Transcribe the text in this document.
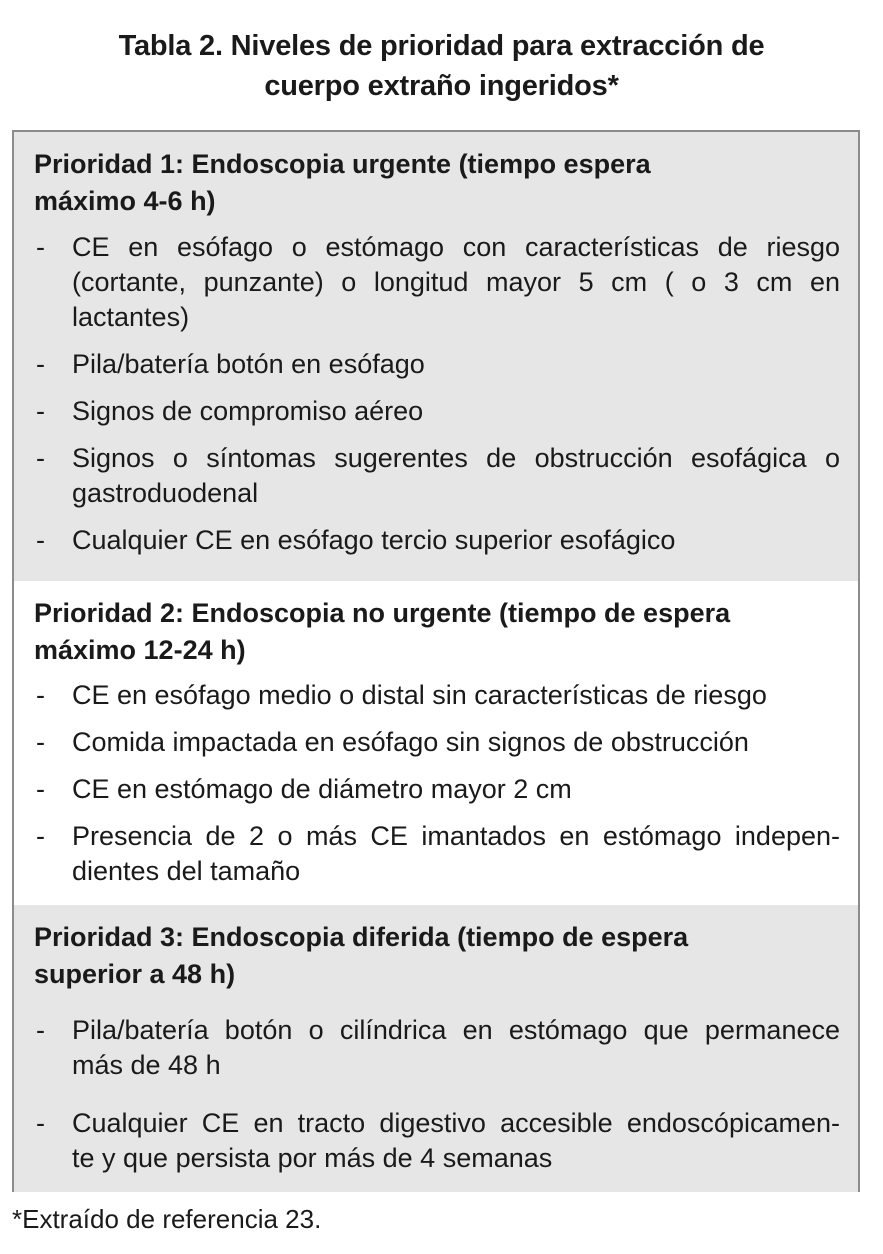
Tabla 2. Niveles de prioridad para extracción de
cuerpo extraño ingeridos*
Prioridad 1: Endoscopia urgente (tiempo espera
máximo 4-6 h)
- CE en esófago o estómago con características de riesgo
(cortante, punzante) o longitud mayor 5 cm ( o 3 cm en
lactantes)
- Pila/batería botón en esófago
- Signos de compromiso aéreo
- Signos o síntomas sugerentes de obstrucción esofágica o
gastroduodenal
- Cualquier CE en esófago tercio superior esofágico
Prioridad 2: Endoscopia no urgente (tiempo de espera
máximo 12-24 h)
- CE en esófago medio o distal sin características de riesgo
- Comida impactada en esófago sin signos de obstrucción
- CE en estómago de diámetro mayor 2 cm
- Presencia de 2 o más CE imantados en estómago indepen-
dientes del tamaño
Prioridad 3: Endoscopia diferida (tiempo de espera
superior a 48 h)
- Pila/batería botón o cilíndrica en estómago que permanece
más de 48 h
- Cualquier CE en tracto digestivo accesible endoscópicamen-
te y que persista por más de 4 semanas
*Extraído de referencia 23.
